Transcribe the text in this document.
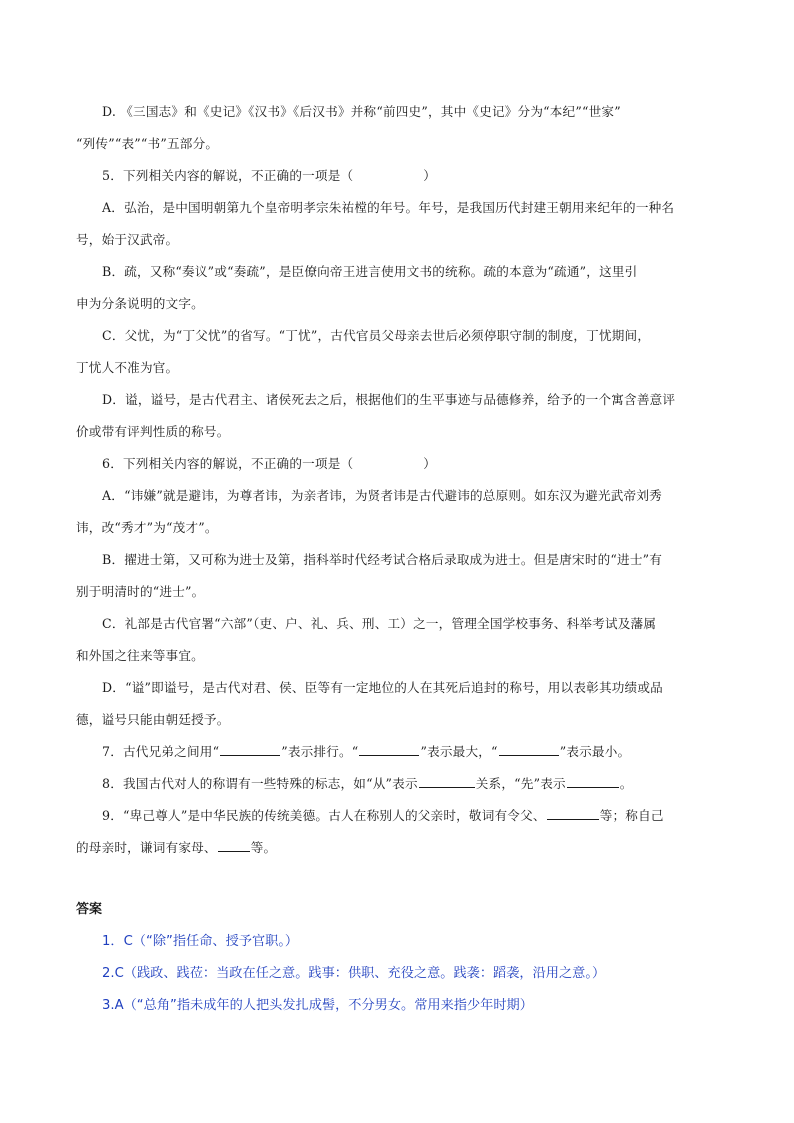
D. 《三国志》和《史记》《汉书》《后汉书》并称“前四史”，其中《史记》分为“本纪”“世家”
“列传”“表”“书”五部分。
5．下列相关内容的解说，不正确的一项是（	）
A．弘治，是中国明朝第九个皇帝明孝宗朱祐樘的年号。年号，是我国历代封建王朝用来纪年的一种名
号，始于汉武帝。
B．疏，又称“奏议”或“奏疏”，是臣僚向帝王进言使用文书的统称。疏的本意为“疏通”，这里引
申为分条说明的文字。
C．父忧，为“丁父忧”的省写。“丁忧”，古代官员父母亲去世后必须停职守制的制度，丁忧期间，
丁忧人不准为官。
D．谥，谥号，是古代君主、诸侯死去之后，根据他们的生平事迹与品德修养，给予的一个寓含善意评
价或带有评判性质的称号。
6．下列相关内容的解说，不正确的一项是（	）
A．“讳嫌”就是避讳，为尊者讳，为亲者讳，为贤者讳是古代避讳的总原则。如东汉为避光武帝刘秀
讳，改“秀才”为“茂才”。
B．擢进士第，又可称为进士及第，指科举时代经考试合格后录取成为进士。但是唐宋时的“进士”有
别于明清时的“进士”。
C．礼部是古代官署“六部”（吏、户、礼、兵、刑、工）之一，管理全国学校事务、科举考试及藩属
和外国之往来等事宜。
D．“谥”即谥号，是古代对君、侯、臣等有一定地位的人在其死后追封的称号，用以表彰其功绩或品
德，谥号只能由朝廷授予。
7．古代兄弟之间用“	”表示排行。“	”表示最大，“	”表示最小。
8．我国古代对人的称谓有一些特殊的标志，如“从”表示	关系，“先”表示	。
9．“卑己尊人”是中华民族的传统美德。古人在称别人的父亲时，敬词有令父、	等；称自己
的母亲时，谦词有家母、	等。
答案
1．C（“除”指任命、授予官职。）
2.C（践政、践莅：当政在任之意。践事：供职、充役之意。践袭：蹈袭，沿用之意。）
3.A（“总角”指未成年的人把头发扎成髻，不分男女。常用来指少年时期）
